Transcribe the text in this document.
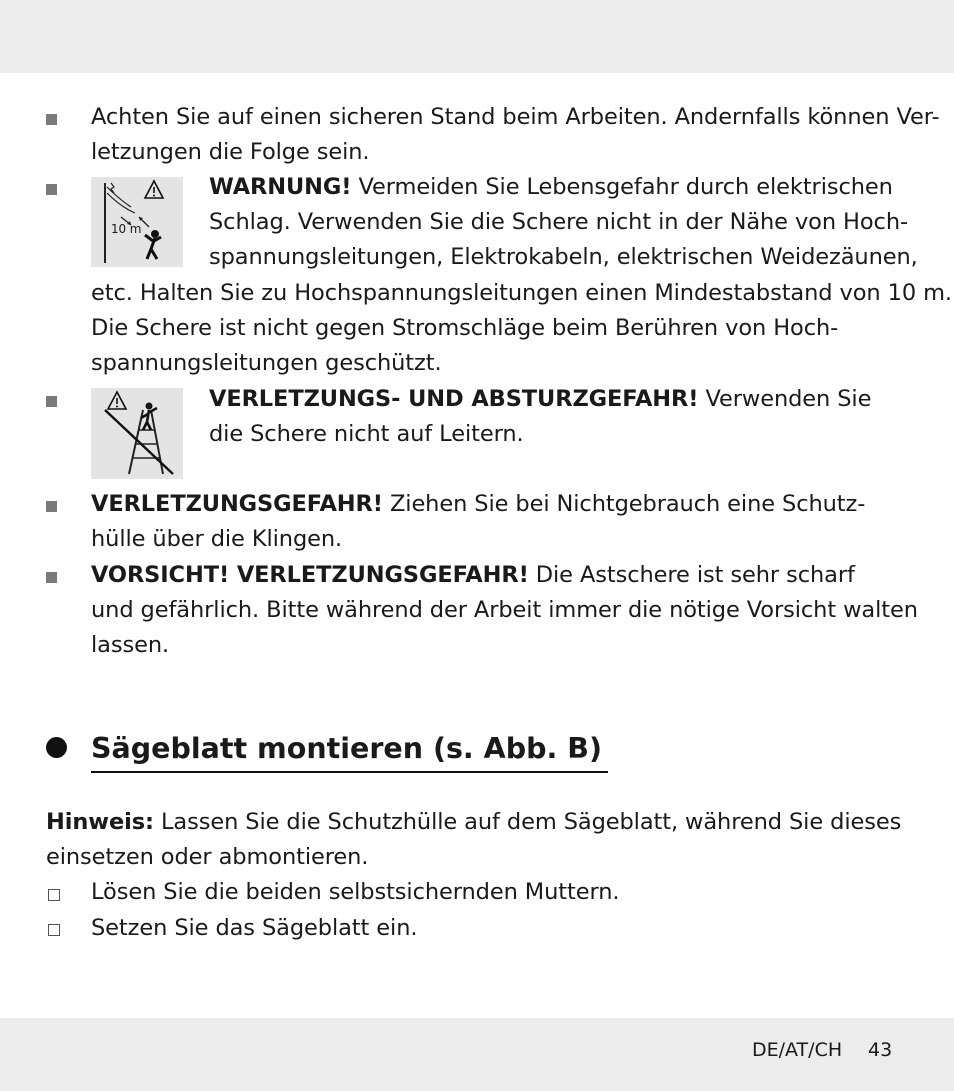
Achten Sie auf einen sicheren Stand beim Arbeiten. Andernfalls können Ver-
letzungen die Folge sein.
10 m
WARNUNG! Vermeiden Sie Lebensgefahr durch elektrischen
Schlag. Verwenden Sie die Schere nicht in der Nähe von Hoch-
spannungsleitungen, Elektrokabeln, elektrischen Weidezäunen,
etc. Halten Sie zu Hochspannungsleitungen einen Mindestabstand von 10 m.
Die Schere ist nicht gegen Stromschläge beim Berühren von Hoch-
spannungsleitungen geschützt.
VERLETZUNGS- UND ABSTURZGEFAHR! Verwenden Sie
die Schere nicht auf Leitern.
VERLETZUNGSGEFAHR! Ziehen Sie bei Nichtgebrauch eine Schutz-
hülle über die Klingen.
VORSICHT! VERLETZUNGSGEFAHR! Die Astschere ist sehr scharf
und gefährlich. Bitte während der Arbeit immer die nötige Vorsicht walten
lassen.
Sägeblatt montieren (s. Abb. B)
Hinweis: Lassen Sie die Schutzhülle auf dem Sägeblatt, während Sie dieses
einsetzen oder abmontieren.
Lösen Sie die beiden selbstsichernden Muttern.
Setzen Sie das Sägeblatt ein.
DE/AT/CH 43
